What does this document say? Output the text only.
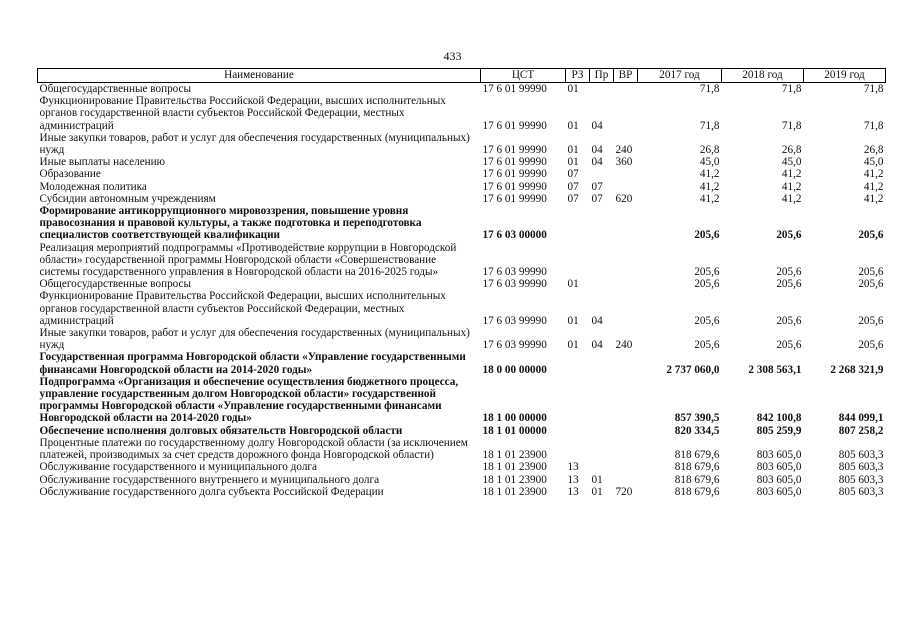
433
Наименование	ЦСТ	РЗ	Пр	ВР	2017 год	2018 год	2019 год
Общегосударственные вопросы	17 6 01 99990	01			71,8	71,8	71,8
Функционирование Правительства Российской Федерации, высших исполнительных органов государственной власти субъектов Российской Федерации, местных администраций	17 6 01 99990	01	04		71,8	71,8	71,8
Иные закупки товаров, работ и услуг для обеспечения государственных (муниципальных) нужд	17 6 01 99990	01	04	240	26,8	26,8	26,8
Иные выплаты населению	17 6 01 99990	01	04	360	45,0	45,0	45,0
Образование	17 6 01 99990	07			41,2	41,2	41,2
Молодежная политика	17 6 01 99990	07	07		41,2	41,2	41,2
Субсидии автономным учреждениям	17 6 01 99990	07	07	620	41,2	41,2	41,2
Формирование антикоррупционного мировоззрения, повышение уровня правосознания и правовой культуры, а также подготовка и переподготовка специалистов соответствующей квалификации	17 6 03 00000				205,6	205,6	205,6
Реализация мероприятий подпрограммы «Противодействие коррупции в Новгородской области» государственной программы Новгородской области «Совершенствование системы государственного управления в Новгородской области на 2016-2025 годы»	17 6 03 99990				205,6	205,6	205,6
Общегосударственные вопросы	17 6 03 99990	01			205,6	205,6	205,6
Функционирование Правительства Российской Федерации, высших исполнительных органов государственной власти субъектов Российской Федерации, местных администраций	17 6 03 99990	01	04		205,6	205,6	205,6
Иные закупки товаров, работ и услуг для обеспечения государственных (муниципальных) нужд	17 6 03 99990	01	04	240	205,6	205,6	205,6
Государственная программа Новгородской области «Управление государственными финансами Новгородской области на 2014-2020 годы»	18 0 00 00000				2 737 060,0	2 308 563,1	2 268 321,9
Подпрограмма «Организация и обеспечение осуществления бюджетного процесса, управление государственным долгом Новгородской области» государственной программы Новгородской области «Управление государственными финансами Новгородской области на 2014-2020 годы»	18 1 00 00000				857 390,5	842 100,8	844 099,1
Обеспечение исполнения долговых обязательств Новгородской области	18 1 01 00000				820 334,5	805 259,9	807 258,2
Процентные платежи по государственному долгу Новгородской области (за исключением платежей, производимых за счет средств дорожного фонда Новгородской области)	18 1 01 23900				818 679,6	803 605,0	805 603,3
Обслуживание государственного и муниципального долга	18 1 01 23900	13			818 679,6	803 605,0	805 603,3
Обслуживание государственного внутреннего и муниципального долга	18 1 01 23900	13	01		818 679,6	803 605,0	805 603,3
Обслуживание государственного долга субъекта Российской Федерации	18 1 01 23900	13	01	720	818 679,6	803 605,0	805 603,3
